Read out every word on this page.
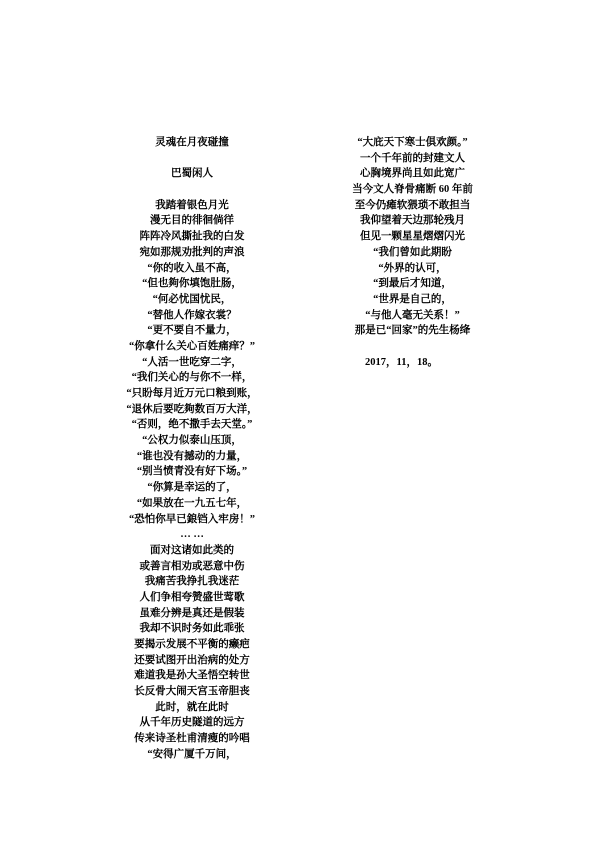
灵魂在月夜碰撞
巴蜀闲人
我踏着银色月光
漫无目的徘徊倘徉
阵阵冷风撕扯我的白发
宛如那规劝批判的声浪
“你的收入虽不高，
“但也夠你填饱肚肠，
“何必忧国忧民，
“替他人作嫁衣裳？
“更不要自不量力，
“你拿什么关心百姓痛痒？”
“人活一世吃穿二字，
“我们关心的与你不一样，
“只盼每月近万元口粮到账，
“退休后要吃夠数百万大洋，
“否则，绝不撒手去天堂。”
“公权力似泰山压顶，
“谁也没有撼动的力量，
“别当愤青没有好下场。”
“你算是幸运的了，
“如果放在一九五七年，
“恐怕你早已鋃铛入牢房！”
… …
面对这诸如此类的
或善言相劝或恶意中伤
我痛苦我挣扎我迷茫
人们争相夸赞盛世莺歌
虽难分辨是真还是假装
我却不识时务如此乖张
要揭示发展不平衡的癞疤
还要试图开出治病的处方
难道我是孙大圣悟空转世
长反骨大闹天宫玉帝胆丧
此时，就在此时
从千年历史隧道的远方
传来诗圣杜甫清瘦的吟唱
“安得广厦千万间，
“大庇天下寒士俱欢颜。”
一个千年前的封建文人
心胸境界尚且如此宽广
当今文人脊骨痛断 60 年前
至今仍瘫软猥琐不敢担当
我仰望着天边那轮残月
但见一颗星星熠熠闪光
“我们曾如此期盼
“外界的认可，
“到最后才知道，
“世界是自己的，
“与他人毫无关系！”
那是已“回家”的先生杨绛
2017，11，18。
